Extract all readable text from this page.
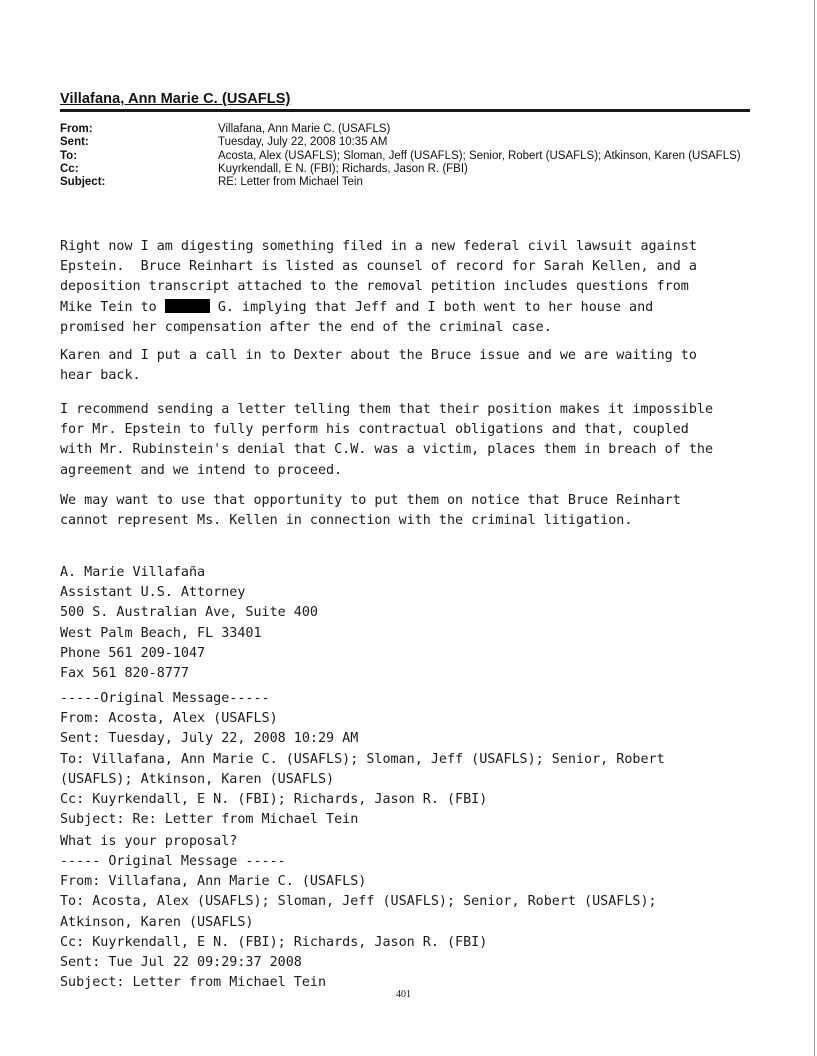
Villafana, Ann Marie C. (USAFLS)
From:	Villafana, Ann Marie C. (USAFLS)
Sent:	Tuesday, July 22, 2008 10:35 AM
To:	Acosta, Alex (USAFLS); Sloman, Jeff (USAFLS); Senior, Robert (USAFLS); Atkinson, Karen (USAFLS)
Cc:	Kuyrkendall, E N. (FBI); Richards, Jason R. (FBI)
Subject:	RE: Letter from Michael Tein
Right now I am digesting something filed in a new federal civil lawsuit against
Epstein.  Bruce Reinhart is listed as counsel of record for Sarah Kellen, and a
deposition transcript attached to the removal petition includes questions from
Mike Tein to	G. implying that Jeff and I both went to her house and
promised her compensation after the end of the criminal case.
Karen and I put a call in to Dexter about the Bruce issue and we are waiting to
hear back.
I recommend sending a letter telling them that their position makes it impossible
for Mr. Epstein to fully perform his contractual obligations and that, coupled
with Mr. Rubinstein's denial that C.W. was a victim, places them in breach of the
agreement and we intend to proceed.
We may want to use that opportunity to put them on notice that Bruce Reinhart
cannot represent Ms. Kellen in connection with the criminal litigation.
A. Marie Villafaña
Assistant U.S. Attorney
500 S. Australian Ave, Suite 400
West Palm Beach, FL 33401
Phone 561 209-1047
Fax 561 820-8777
-----Original Message-----
From: Acosta, Alex (USAFLS)
Sent: Tuesday, July 22, 2008 10:29 AM
To: Villafana, Ann Marie C. (USAFLS); Sloman, Jeff (USAFLS); Senior, Robert
(USAFLS); Atkinson, Karen (USAFLS)
Cc: Kuyrkendall, E N. (FBI); Richards, Jason R. (FBI)
Subject: Re: Letter from Michael Tein
What is your proposal?
----- Original Message -----
From: Villafana, Ann Marie C. (USAFLS)
To: Acosta, Alex (USAFLS); Sloman, Jeff (USAFLS); Senior, Robert (USAFLS);
Atkinson, Karen (USAFLS)
Cc: Kuyrkendall, E N. (FBI); Richards, Jason R. (FBI)
Sent: Tue Jul 22 09:29:37 2008
Subject: Letter from Michael Tein
401
